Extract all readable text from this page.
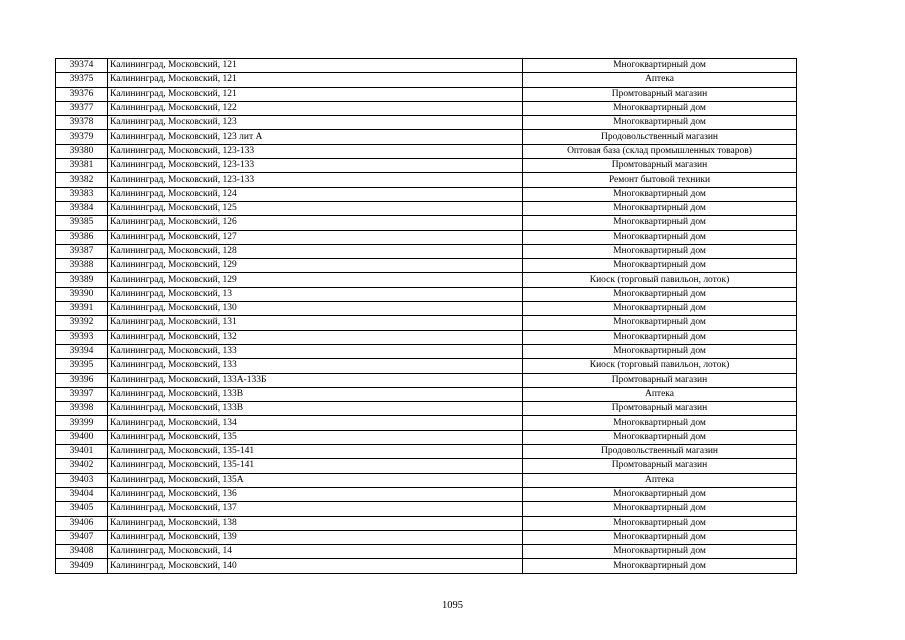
39374	Калининград, Московский, 121	Многоквартирный дом
39375	Калининград, Московский, 121	Аптека
39376	Калининград, Московский, 121	Промтоварный магазин
39377	Калининград, Московский, 122	Многоквартирный дом
39378	Калининград, Московский, 123	Многоквартирный дом
39379	Калининград, Московский, 123 лит А	Продовольственный магазин
39380	Калининград, Московский, 123-133	Оптовая база (склад промышленных товаров)
39381	Калининград, Московский, 123-133	Промтоварный магазин
39382	Калининград, Московский, 123-133	Ремонт бытовой техники
39383	Калининград, Московский, 124	Многоквартирный дом
39384	Калининград, Московский, 125	Многоквартирный дом
39385	Калининград, Московский, 126	Многоквартирный дом
39386	Калининград, Московский, 127	Многоквартирный дом
39387	Калининград, Московский, 128	Многоквартирный дом
39388	Калининград, Московский, 129	Многоквартирный дом
39389	Калининград, Московский, 129	Киоск (торговый павильон, лоток)
39390	Калининград, Московский, 13	Многоквартирный дом
39391	Калининград, Московский, 130	Многоквартирный дом
39392	Калининград, Московский, 131	Многоквартирный дом
39393	Калининград, Московский, 132	Многоквартирный дом
39394	Калининград, Московский, 133	Многоквартирный дом
39395	Калининград, Московский, 133	Киоск (торговый павильон, лоток)
39396	Калининград, Московский, 133А-133Б	Промтоварный магазин
39397	Калининград, Московский, 133В	Аптека
39398	Калининград, Московский, 133В	Промтоварный магазин
39399	Калининград, Московский, 134	Многоквартирный дом
39400	Калининград, Московский, 135	Многоквартирный дом
39401	Калининград, Московский, 135-141	Продовольственный магазин
39402	Калининград, Московский, 135-141	Промтоварный магазин
39403	Калининград, Московский, 135А	Аптека
39404	Калининград, Московский, 136	Многоквартирный дом
39405	Калининград, Московский, 137	Многоквартирный дом
39406	Калининград, Московский, 138	Многоквартирный дом
39407	Калининград, Московский, 139	Многоквартирный дом
39408	Калининград, Московский, 14	Многоквартирный дом
39409	Калининград, Московский, 140	Многоквартирный дом
1095
